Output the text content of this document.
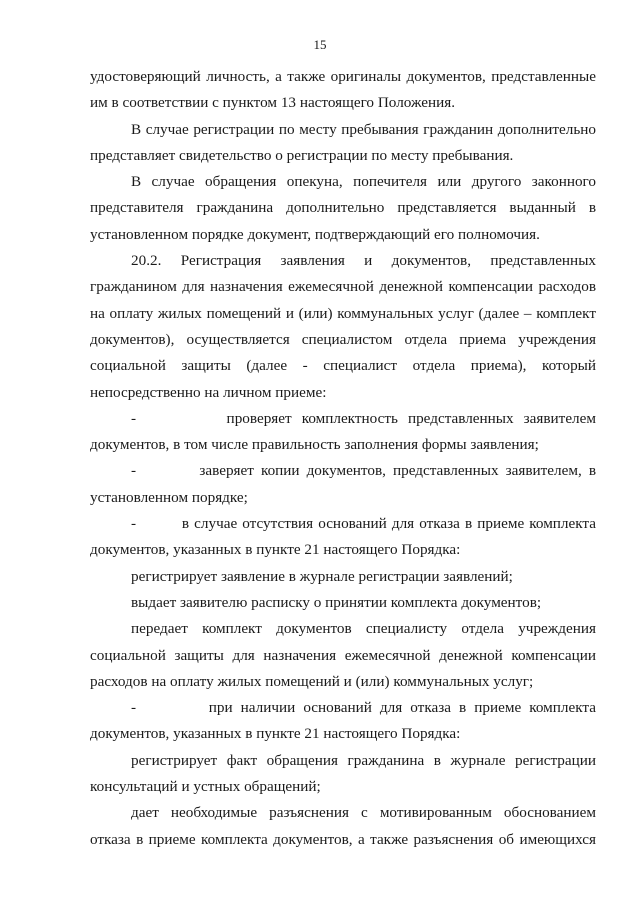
15

удостоверяющий личность, а также оригиналы документов, представленные им в соответствии с пунктом 13 настоящего Положения.

В случае регистрации по месту пребывания гражданин дополнительно представляет свидетельство о регистрации по месту пребывания.

В случае обращения опекуна, попечителя или другого законного представителя гражданина дополнительно представляется выданный в установленном порядке документ, подтверждающий его полномочия.

20.2. Регистрация заявления и документов, представленных гражданином для назначения ежемесячной денежной компенсации расходов на оплату жилых помещений и (или) коммунальных услуг (далее – комплект документов), осуществляется специалистом отдела приема учреждения социальной защиты (далее - специалист отдела приема), который непосредственно на личном приеме:

-         проверяет комплектность представленных заявителем документов, в том числе правильность заполнения формы заявления;

-         заверяет копии документов, представленных заявителем, в установленном порядке;

-         в случае отсутствия оснований для отказа в приеме комплекта документов, указанных в пункте 21 настоящего Порядка:

регистрирует заявление в журнале регистрации заявлений;

выдает заявителю расписку о принятии комплекта документов;

передает комплект документов специалисту отдела учреждения социальной защиты для назначения ежемесячной денежной компенсации расходов на оплату жилых помещений и (или) коммунальных услуг;

-         при наличии оснований для отказа в приеме комплекта документов, указанных в пункте 21 настоящего Порядка:

регистрирует факт обращения гражданина в журнале регистрации консультаций и устных обращений;

дает необходимые разъяснения с мотивированным обоснованием отказа в приеме комплекта документов, а также разъяснения об имеющихся
